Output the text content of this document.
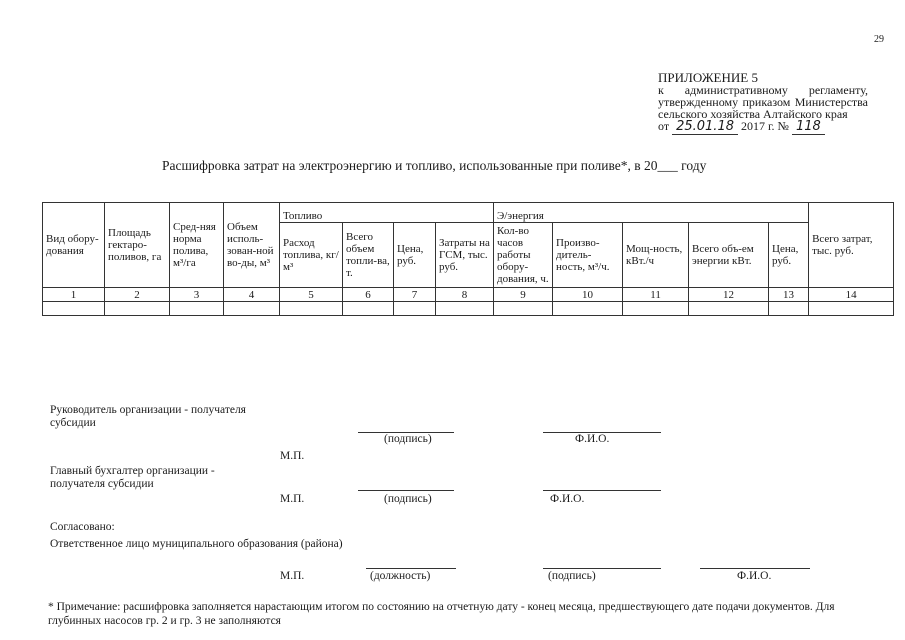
29
ПРИЛОЖЕНИЕ 5
к административному регламенту, утвержденному приказом Министерства сельского хозяйства Алтайского края
от 25.01.18 2017 г. № 118
Расшифровка затрат на электроэнергию и топливо, использованные при поливе*, в 20___ году
Вид обору-дования	Площадь гектаро-поливов, га	Сред-няя норма полива, м³/га	Объем исполь-зован-ной во-ды, м³	Топливо				Э/энергия					Всего затрат, тыс. руб.
				Расход топлива, кг/м³	Всего объем топли-ва, т.	Цена, руб.	Затраты на ГСМ, тыс. руб.	Кол-во часов работы обору-дования, ч.	Произво-дитель-ность, м³/ч.	Мощ-ность, кВт./ч	Всего объ-ем энергии кВт.	Цена, руб.	
1	2	3	4	5	6	7	8	9	10	11	12	13	14

Руководитель организации - получателя субсидии
(подпись)	Ф.И.О.
М.П.
Главный бухгалтер организации - получателя субсидии
М.П.	(подпись)	Ф.И.О.
Согласовано:
Ответственное лицо муниципального образования (района)
М.П.	(должность)	(подпись)	Ф.И.О.
* Примечание: расшифровка заполняется нарастающим итогом по состоянию на отчетную дату - конец месяца, предшествующего дате подачи документов. Для глубинных насосов гр. 2 и гр. 3 не заполняются
